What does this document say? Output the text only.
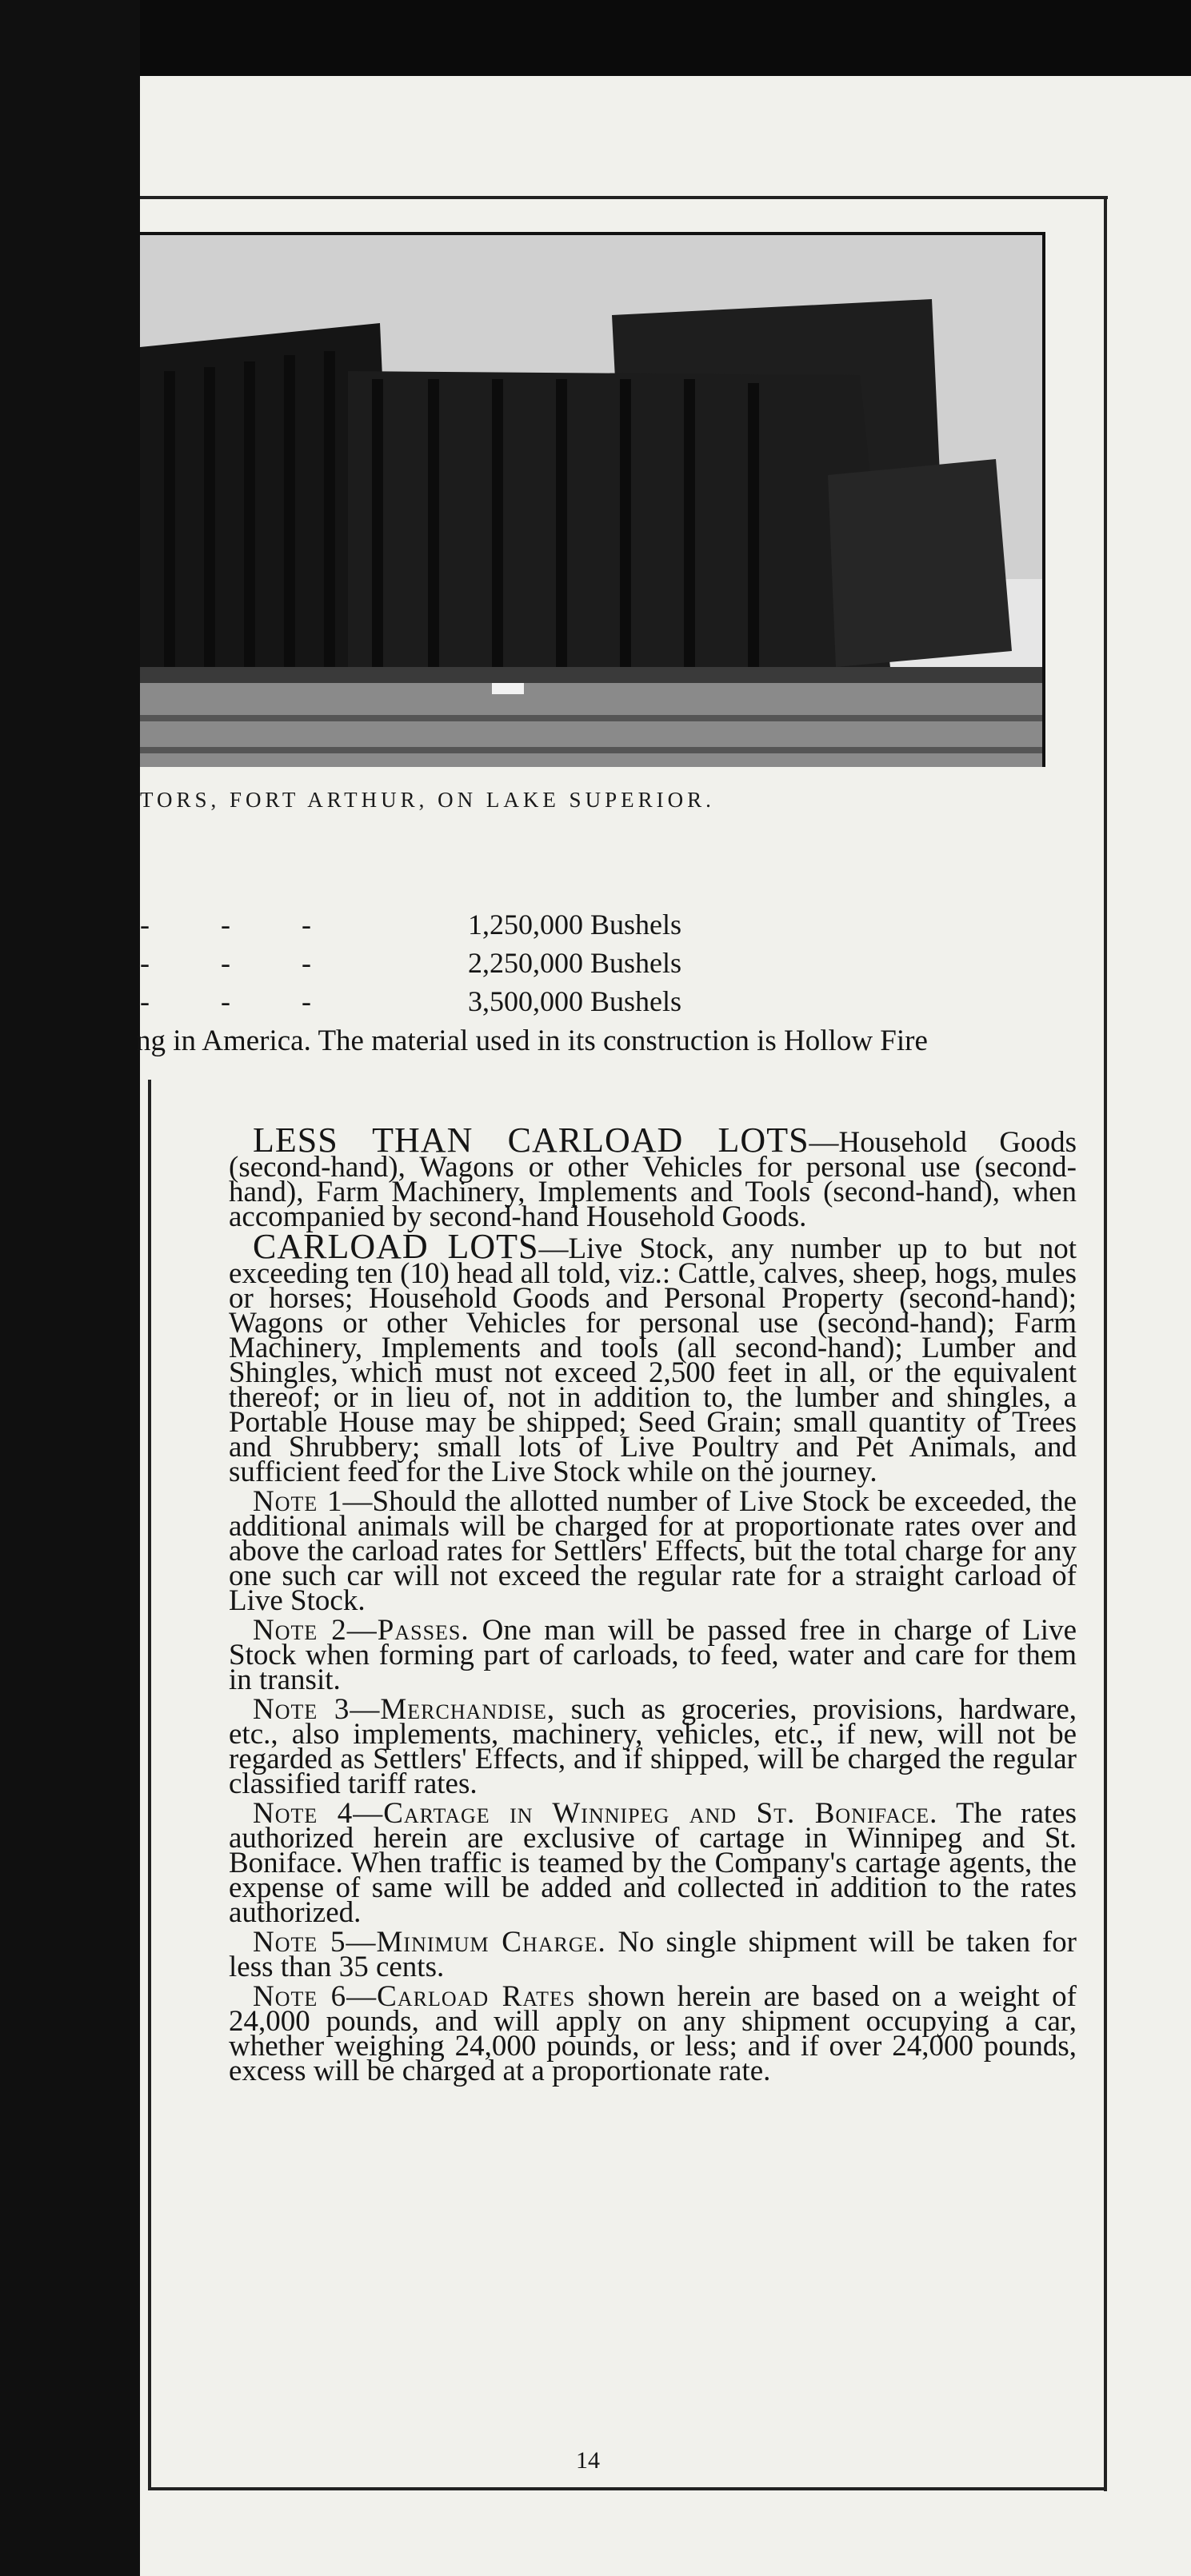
TORS, FORT ARTHUR, ON LAKE SUPERIOR.
- - -	1,250,000 Bushels
- - -	2,250,000 Bushels
- - -	3,500,000 Bushels
ng in America. The material used in its construction is Hollow Fire

LESS THAN CARLOAD LOTS—Household Goods (second-hand), Wagons or other Vehicles for personal use (second-hand), Farm Machinery, Implements and Tools (second-hand), when accompanied by second-hand Household Goods.

CARLOAD LOTS—Live Stock, any number up to but not exceeding ten (10) head all told, viz.: Cattle, calves, sheep, hogs, mules or horses; Household Goods and Personal Property (second-hand); Wagons or other Vehicles for personal use (second-hand); Farm Machinery, Implements and tools (all second-hand); Lumber and Shingles, which must not exceed 2,500 feet in all, or the equivalent thereof; or in lieu of, not in addition to, the lumber and shingles, a Portable House may be shipped; Seed Grain; small quantity of Trees and Shrubbery; small lots of Live Poultry and Pet Animals, and sufficient feed for the Live Stock while on the journey.

Note 1—Should the allotted number of Live Stock be exceeded, the additional animals will be charged for at proportionate rates over and above the carload rates for Settlers' Effects, but the total charge for any one such car will not exceed the regular rate for a straight carload of Live Stock.

Note 2—Passes. One man will be passed free in charge of Live Stock when forming part of carloads, to feed, water and care for them in transit.

Note 3—Merchandise, such as groceries, provisions, hardware, etc., also implements, machinery, vehicles, etc., if new, will not be regarded as Settlers' Effects, and if shipped, will be charged the regular classified tariff rates.

Note 4—Cartage in Winnipeg and St. Boniface. The rates authorized herein are exclusive of cartage in Winnipeg and St. Boniface. When traffic is teamed by the Company's cartage agents, the expense of same will be added and collected in addition to the rates authorized.

Note 5—Minimum Charge. No single shipment will be taken for less than 35 cents.

Note 6—Carload Rates shown herein are based on a weight of 24,000 pounds, and will apply on any shipment occupying a car, whether weighing 24,000 pounds, or less; and if over 24,000 pounds, excess will be charged at a proportionate rate.

14
